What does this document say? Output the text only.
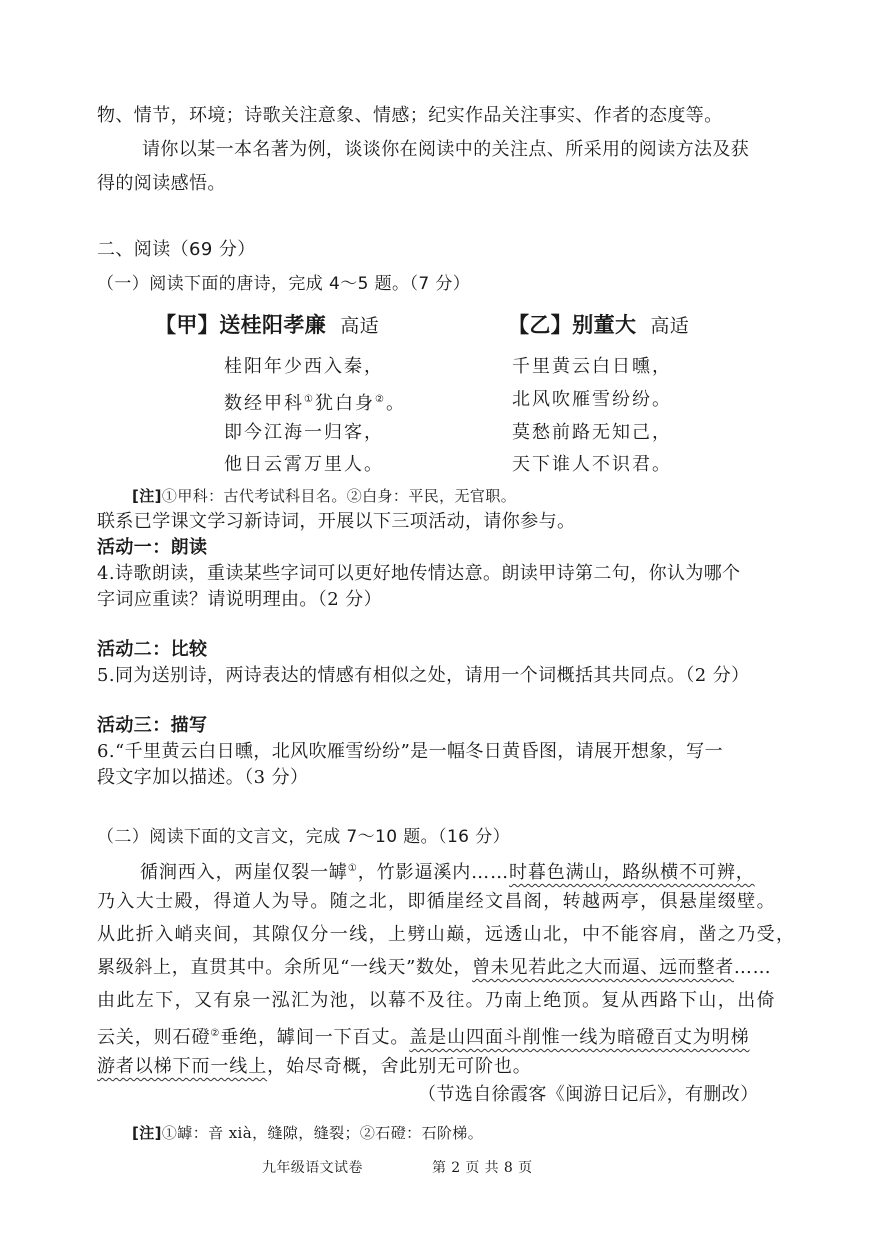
物、情节，环境；诗歌关注意象、情感；纪实作品关注事实、作者的态度等。
请你以某一本名著为例，谈谈你在阅读中的关注点、所采用的阅读方法及获
得的阅读感悟。
二、阅读（69 分）
（一）阅读下面的唐诗，完成 4～5 题。（7 分）
【甲】送桂阳孝廉 高适
桂阳年少西入秦，
数经甲科①犹白身②。
即今江海一归客，
他日云霄万里人。
【乙】别董大 高适
千里黄云白日曛，
北风吹雁雪纷纷。
莫愁前路无知己，
天下谁人不识君。
[注]①甲科：古代考试科目名。②白身：平民，无官职。
联系已学课文学习新诗词，开展以下三项活动，请你参与。
活动一：朗读
4.诗歌朗读，重读某些字词可以更好地传情达意。朗读甲诗第二句，你认为哪个
字词应重读？请说明理由。（2 分）
活动二：比较
5.同为送别诗，两诗表达的情感有相似之处，请用一个词概括其共同点。（2 分）
活动三：描写
6.“千里黄云白日曛，北风吹雁雪纷纷”是一幅冬日黄昏图，请展开想象，写一
段文字加以描述。（3 分）
（二）阅读下面的文言文，完成 7～10 题。（16 分）
循涧西入，两崖仅裂一罅①，竹影逼溪内……时暮色满山，路纵横不可辨，
乃入大士殿，得道人为导。随之北，即循崖经文昌阁，转越两亭，俱悬崖缀壁。
从此折入峭夹间，其隙仅分一线，上劈山巅，远透山北，中不能容肩，凿之乃受，
累级斜上，直贯其中。余所见“一线天”数处，曾未见若此之大而逼、远而整者……
由此左下，又有泉一泓汇为池，以幕不及往。乃南上绝顶。复从西路下山，出倚
云关，则石磴②垂绝，罅间一下百丈。盖是山四面斗削惟一线为暗磴百丈为明梯
游者以梯下而一线上，始尽奇概，舍此别无可阶也。
（节选自徐霞客《闽游日记后》，有删改）
[注]①罅：音 xià，缝隙，缝裂；②石磴：石阶梯。
九年级语文试卷	第 2 页 共 8 页
